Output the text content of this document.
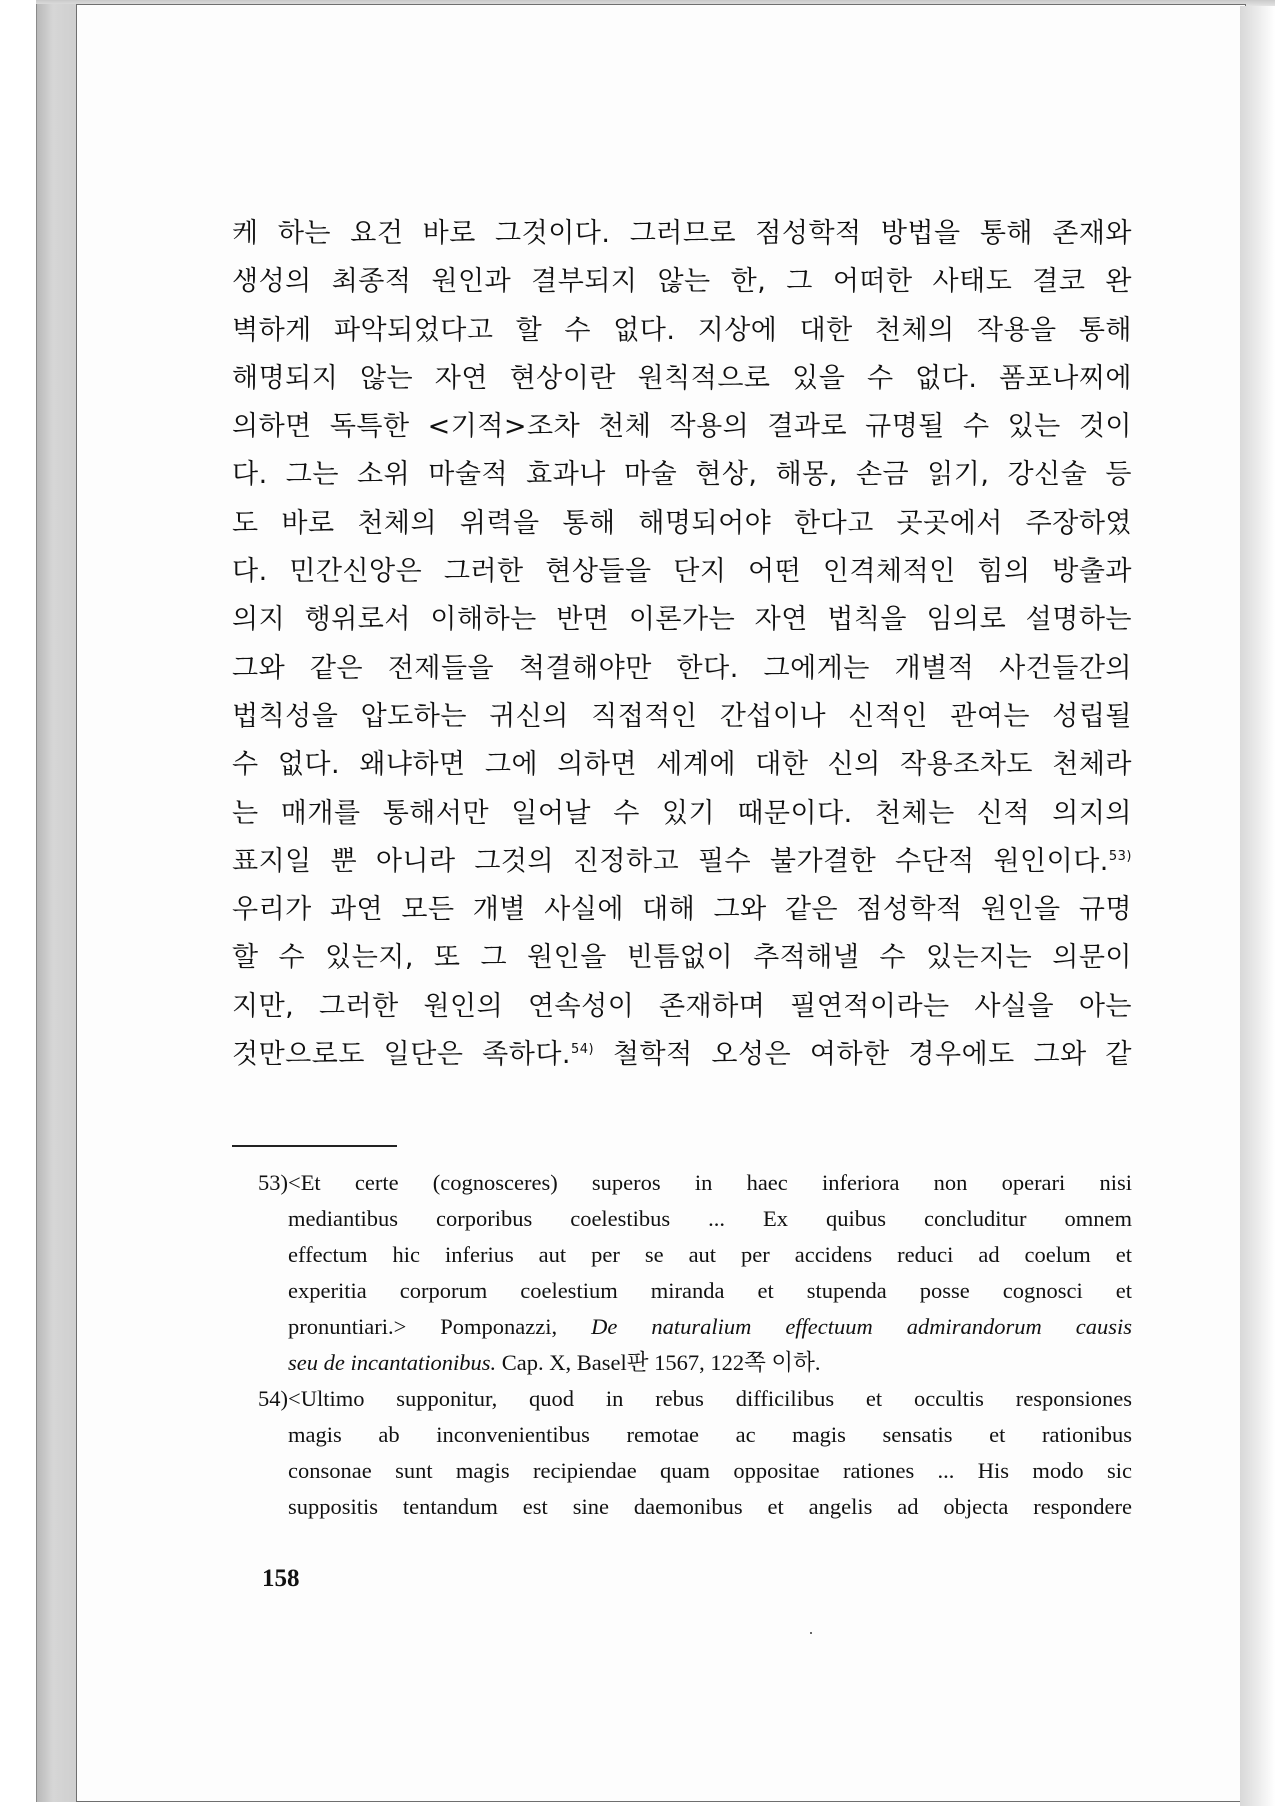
케 하는 요건 바로 그것이다. 그러므로 점성학적 방법을 통해 존재와
생성의 최종적 원인과 결부되지 않는 한, 그 어떠한 사태도 결코 완
벽하게 파악되었다고 할 수 없다. 지상에 대한 천체의 작용을 통해
해명되지 않는 자연 현상이란 원칙적으로 있을 수 없다. 폼포나찌에
의하면 독특한 <기적>조차 천체 작용의 결과로 규명될 수 있는 것이
다. 그는 소위 마술적 효과나 마술 현상, 해몽, 손금 읽기, 강신술 등
도 바로 천체의 위력을 통해 해명되어야 한다고 곳곳에서 주장하였
다. 민간신앙은 그러한 현상들을 단지 어떤 인격체적인 힘의 방출과
의지 행위로서 이해하는 반면 이론가는 자연 법칙을 임의로 설명하는
그와 같은 전제들을 척결해야만 한다. 그에게는 개별적 사건들간의
법칙성을 압도하는 귀신의 직접적인 간섭이나 신적인 관여는 성립될
수 없다. 왜냐하면 그에 의하면 세계에 대한 신의 작용조차도 천체라
는 매개를 통해서만 일어날 수 있기 때문이다. 천체는 신적 의지의
표지일 뿐 아니라 그것의 진정하고 필수 불가결한 수단적 원인이다.$^{53)}$
우리가 과연 모든 개별 사실에 대해 그와 같은 점성학적 원인을 규명
할 수 있는지, 또 그 원인을 빈틈없이 추적해낼 수 있는지는 의문이
지만, 그러한 원인의 연속성이 존재하며 필연적이라는 사실을 아는
것만으로도 일단은 족하다.$^{54)}$ 철학적 오성은 여하한 경우에도 그와 같
53) <Et certe (cognosceres) superos in haec inferiora non operari nisi
mediantibus corporibus coelestibus ... Ex quibus concluditur omnem
effectum hic inferius aut per se aut per accidens reduci ad coelum et
experitia corporum coelestium miranda et stupenda posse cognosci et
pronuntiari.> Pomponazzi, De naturalium effectuum admirandorum causis
seu de incantationibus. Cap. X, Basel판 1567, 122쪽 이하.
54) <Ultimo supponitur, quod in rebus difficilibus et occultis responsiones
magis ab inconvenientibus remotae ac magis sensatis et rationibus
consonae sunt magis recipiendae quam oppositae rationes ... His modo sic
suppositis tentandum est sine daemonibus et angelis ad objecta respondere
158
